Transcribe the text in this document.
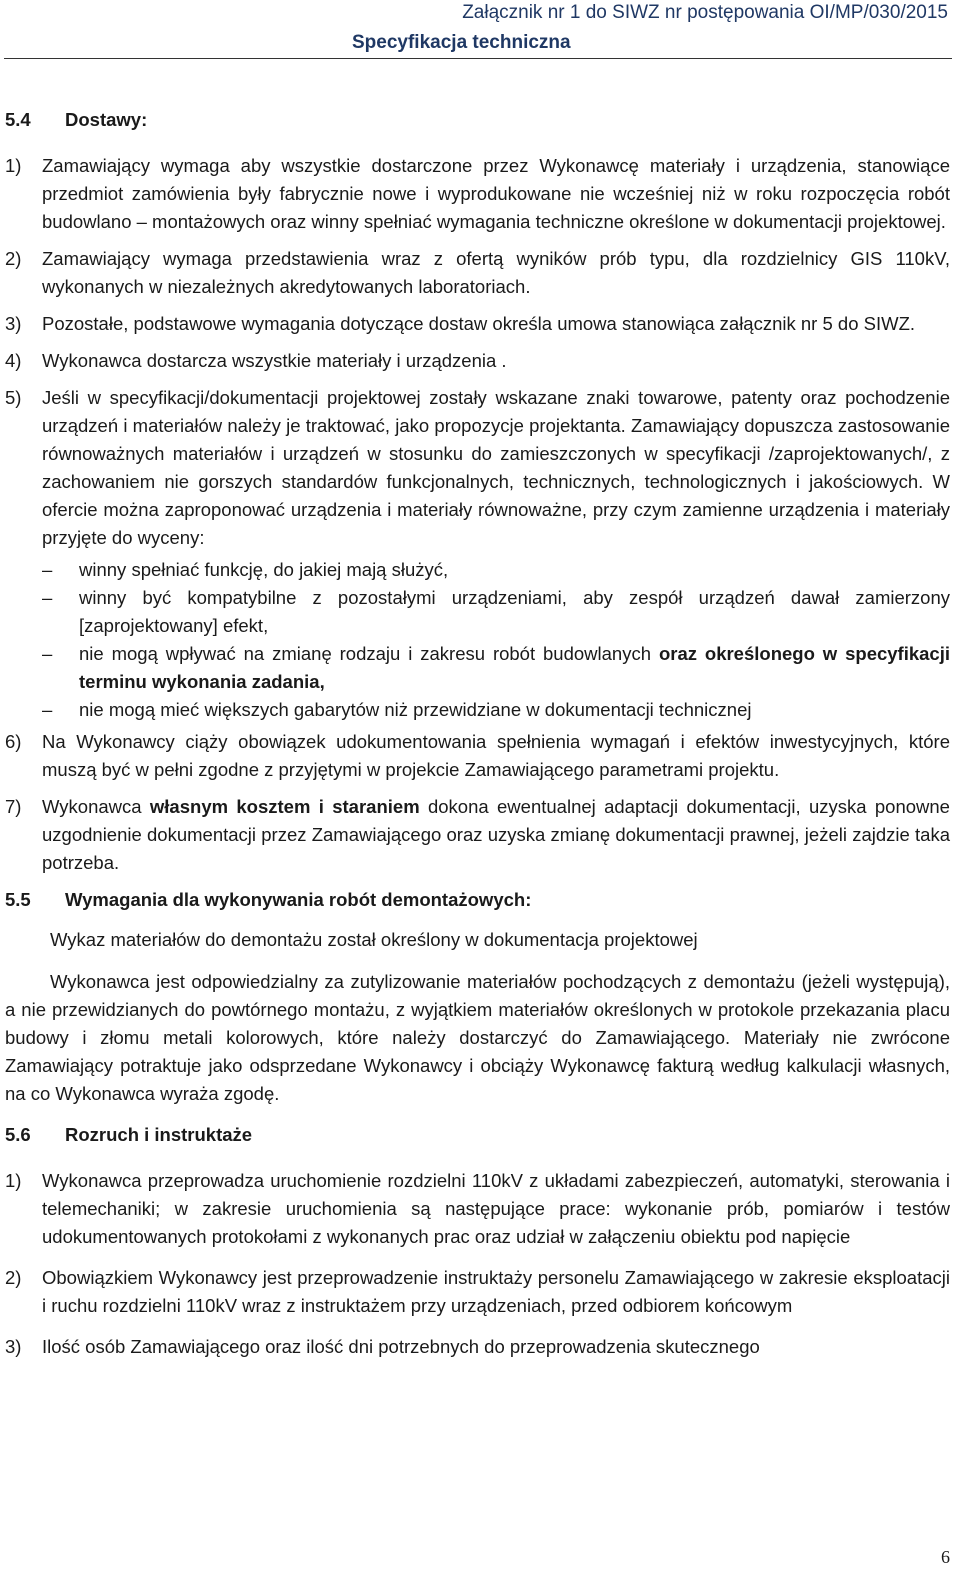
Załącznik nr 1 do SIWZ nr postępowania OI/MP/030/2015
Specyfikacja techniczna
5.4	Dostawy:
1)	Zamawiający wymaga aby wszystkie dostarczone przez Wykonawcę materiały i urządzenia, stanowiące przedmiot zamówienia były fabrycznie nowe i wyprodukowane nie wcześniej niż w roku rozpoczęcia robót budowlano – montażowych oraz winny spełniać wymagania techniczne określone w dokumentacji projektowej.
2)	Zamawiający wymaga przedstawienia wraz z ofertą wyników prób typu, dla rozdzielnicy GIS 110kV, wykonanych w niezależnych akredytowanych laboratoriach.
3)	Pozostałe, podstawowe wymagania dotyczące dostaw określa umowa stanowiąca załącznik nr 5 do SIWZ.
4)	Wykonawca dostarcza wszystkie materiały i urządzenia .
5)	Jeśli w specyfikacji/dokumentacji projektowej zostały wskazane znaki towarowe, patenty oraz pochodzenie urządzeń i materiałów należy je traktować, jako propozycje projektanta. Zamawiający dopuszcza zastosowanie równoważnych materiałów i urządzeń w stosunku do zamieszczonych w specyfikacji /zaprojektowanych/, z zachowaniem nie gorszych standardów funkcjonalnych, technicznych, technologicznych i jakościowych. W ofercie można zaproponować urządzenia i materiały równoważne, przy czym zamienne urządzenia i materiały przyjęte do wyceny:
–	winny spełniać funkcję, do jakiej mają służyć,
–	winny być kompatybilne z pozostałymi urządzeniami, aby zespół urządzeń dawał zamierzony [zaprojektowany] efekt,
–	nie mogą wpływać na zmianę rodzaju i zakresu robót budowlanych oraz określonego w specyfikacji terminu wykonania zadania,
–	nie mogą mieć większych gabarytów niż przewidziane w dokumentacji technicznej
6)	Na Wykonawcy ciąży obowiązek udokumentowania spełnienia wymagań i efektów inwestycyjnych, które muszą być w pełni zgodne z przyjętymi w projekcie Zamawiającego parametrami projektu.
7)	Wykonawca własnym kosztem i staraniem dokona ewentualnej adaptacji dokumentacji, uzyska ponowne uzgodnienie dokumentacji przez Zamawiającego oraz uzyska zmianę dokumentacji prawnej, jeżeli zajdzie taka potrzeba.
5.5	Wymagania dla wykonywania robót demontażowych:

Wykaz materiałów do demontażu został określony w dokumentacja projektowej

Wykonawca jest odpowiedzialny za zutylizowanie materiałów pochodzących z demontażu (jeżeli występują), a nie przewidzianych do powtórnego montażu, z wyjątkiem materiałów określonych w protokole przekazania placu budowy i złomu metali kolorowych, które należy dostarczyć do Zamawiającego. Materiały nie zwrócone Zamawiający potraktuje jako odsprzedane Wykonawcy i obciąży Wykonawcę fakturą według kalkulacji własnych, na co Wykonawca wyraża zgodę.

5.6	Rozruch i instruktaże
1)	Wykonawca przeprowadza uruchomienie rozdzielni 110kV z układami zabezpieczeń, automatyki, sterowania i telemechaniki; w zakresie uruchomienia są następujące prace: wykonanie prób, pomiarów i testów udokumentowanych protokołami z wykonanych prac oraz udział w załączeniu obiektu pod napięcie
2)	Obowiązkiem Wykonawcy jest przeprowadzenie instruktaży personelu Zamawiającego w zakresie eksploatacji i ruchu rozdzielni 110kV wraz z instruktażem przy urządzeniach, przed odbiorem końcowym
3)	Ilość osób Zamawiającego oraz ilość dni potrzebnych do przeprowadzenia skutecznego
6
